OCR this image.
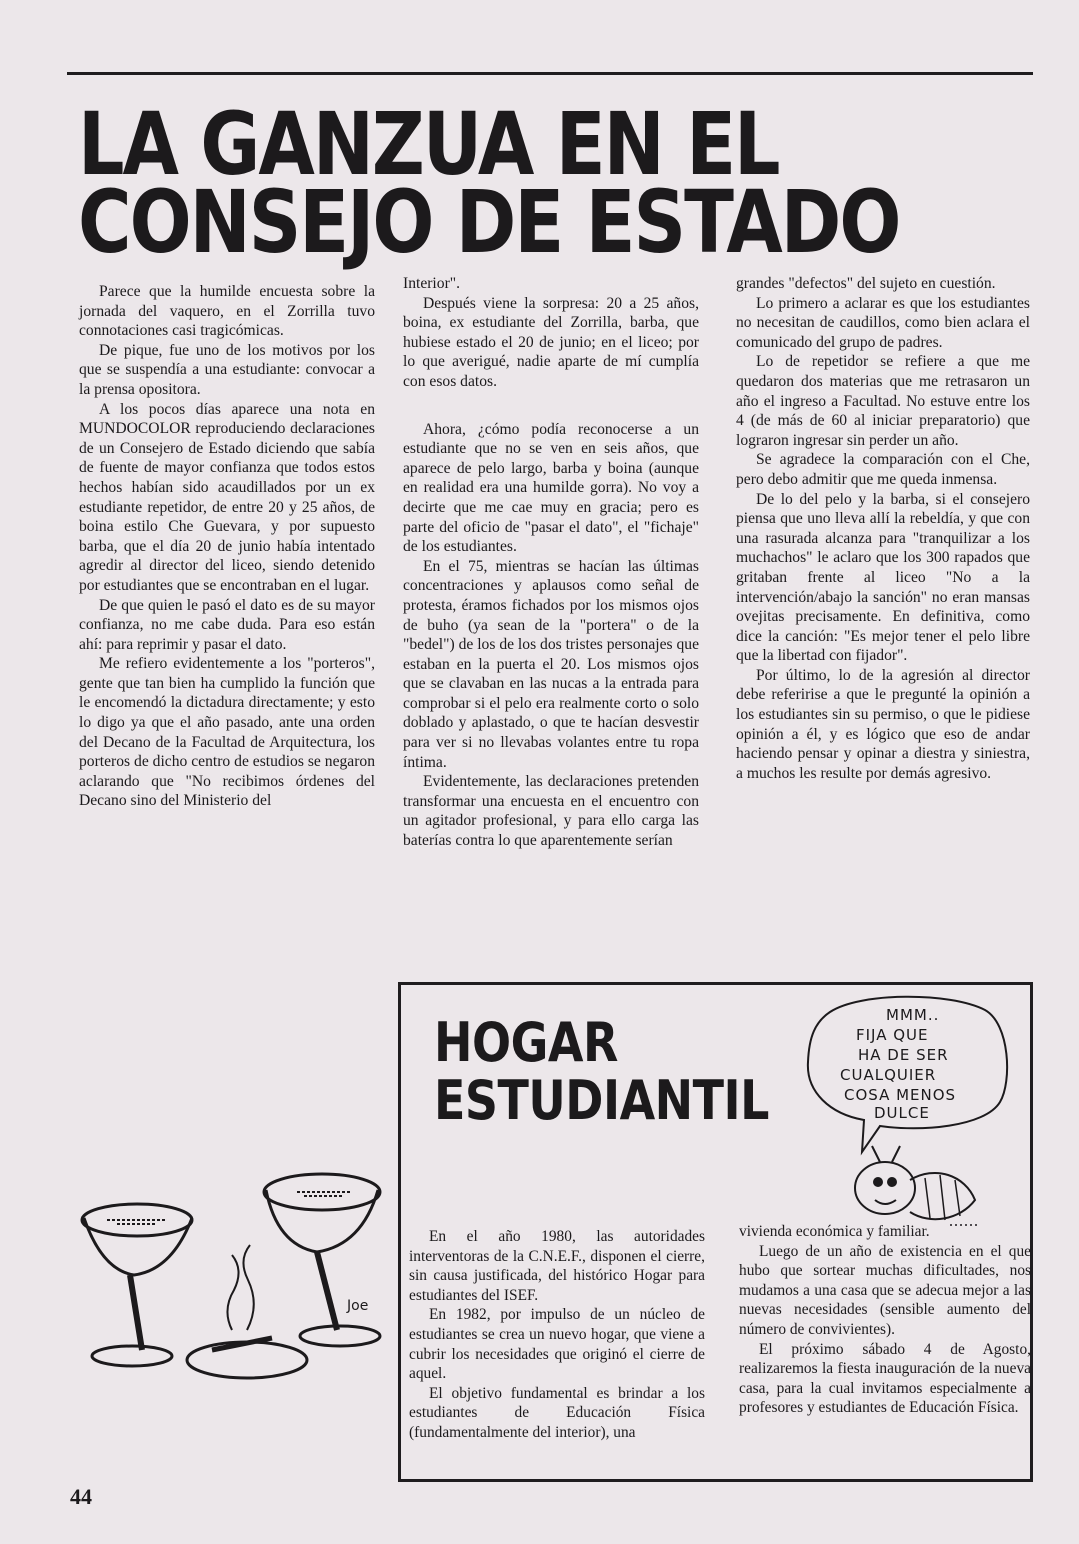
LA GANZUA EN EL
CONSEJO DE ESTADO

Parece que la humilde encuesta sobre la jornada del vaquero, en el Zorrilla tuvo connotaciones casi tragicómicas.

De pique, fue uno de los motivos por los que se suspendía a una estudiante: convocar a la prensa opositora.

A los pocos días aparece una nota en MUNDOCOLOR reproduciendo declaraciones de un Consejero de Estado diciendo que sabía de fuente de mayor confianza que todos estos hechos habían sido acaudillados por un ex estudiante repetidor, de entre 20 y 25 años, de boina estilo Che Guevara, y por supuesto barba, que el día 20 de junio había intentado agredir al director del liceo, siendo detenido por estudiantes que se encontraban en el lugar.

De que quien le pasó el dato es de su mayor confianza, no me cabe duda. Para eso están ahí: para reprimir y pasar el dato.

Me refiero evidentemente a los "porteros", gente que tan bien ha cumplido la función que le encomendó la dictadura directamente; y esto lo digo ya que el año pasado, ante una orden del Decano de la Facultad de Arquitectura, los porteros de dicho centro de estudios se negaron aclarando que "No recibimos órdenes del Decano sino del Ministerio del

Interior".

Después viene la sorpresa: 20 a 25 años, boina, ex estudiante del Zorrilla, barba, que hubiese estado el 20 de junio; en el liceo; por lo que averigué, nadie aparte de mí cumplía con esos datos.

Ahora, ¿cómo podía reconocerse a un estudiante que no se ven en seis años, que aparece de pelo largo, barba y boina (aunque en realidad era una humilde gorra). No voy a decirte que me cae muy en gracia; pero es parte del oficio de "pasar el dato", el "fichaje" de los estudiantes.

En el 75, mientras se hacían las últimas concentraciones y aplausos como señal de protesta, éramos fichados por los mismos ojos de buho (ya sean de la "portera" o de la "bedel") de los de los dos tristes personajes que estaban en la puerta el 20. Los mismos ojos que se clavaban en las nucas a la entrada para comprobar si el pelo era realmente corto o solo doblado y aplastado, o que te hacían desvestir para ver si no llevabas volantes entre tu ropa íntima.

Evidentemente, las declaraciones pretenden transformar una encuesta en el encuentro con un agitador profesional, y para ello carga las baterías contra lo que aparentemente serían

grandes "defectos" del sujeto en cuestión.

Lo primero a aclarar es que los estudiantes no necesitan de caudillos, como bien aclara el comunicado del grupo de padres.

Lo de repetidor se refiere a que me quedaron dos materias que me retrasaron un año el ingreso a Facultad. No estuve entre los 4 (de más de 60 al iniciar preparatorio) que lograron ingresar sin perder un año.

Se agradece la comparación con el Che, pero debo admitir que me queda inmensa.

De lo del pelo y la barba, si el consejero piensa que uno lleva allí la rebeldía, y que con una rasurada alcanza para "tranquilizar a los muchachos" le aclaro que los 300 rapados que gritaban frente al liceo "No a la intervención/abajo la sanción" no eran mansas ovejitas precisamente. En definitiva, como dice la canción: "Es mejor tener el pelo libre que la libertad con fijador".

Por último, lo de la agresión al director debe referirise a que le pregunté la opinión a los estudiantes sin su permiso, o que le pidiese opinión a él, y es lógico que eso de andar haciendo pensar y opinar a diestra y siniestra, a muchos les resulte por demás agresivo.

HOGAR
ESTUDIANTIL
MMM..
FIJA QUE
HA DE SER
CUALQUIER
COSA MENOS
DULCE
Joe

En el año 1980, las autoridades interventoras de la C.N.E.F., disponen el cierre, sin causa justificada, del histórico Hogar para estudiantes del ISEF.

En 1982, por impulso de un núcleo de estudiantes se crea un nuevo hogar, que viene a cubrir los necesidades que originó el cierre de aquel.

El objetivo fundamental es brindar a los estudiantes de Educación Física (fundamentalmente del interior), una

vivienda económica y familiar.

Luego de un año de existencia en el que hubo que sortear muchas dificultades, nos mudamos a una casa que se adecua mejor a las nuevas necesidades (sensible aumento del número de convivientes).

El próximo sábado 4 de Agosto, realizaremos la fiesta inauguración de la nueva casa, para la cual invitamos especialmente a profesores y estudiantes de Educación Física.

44
